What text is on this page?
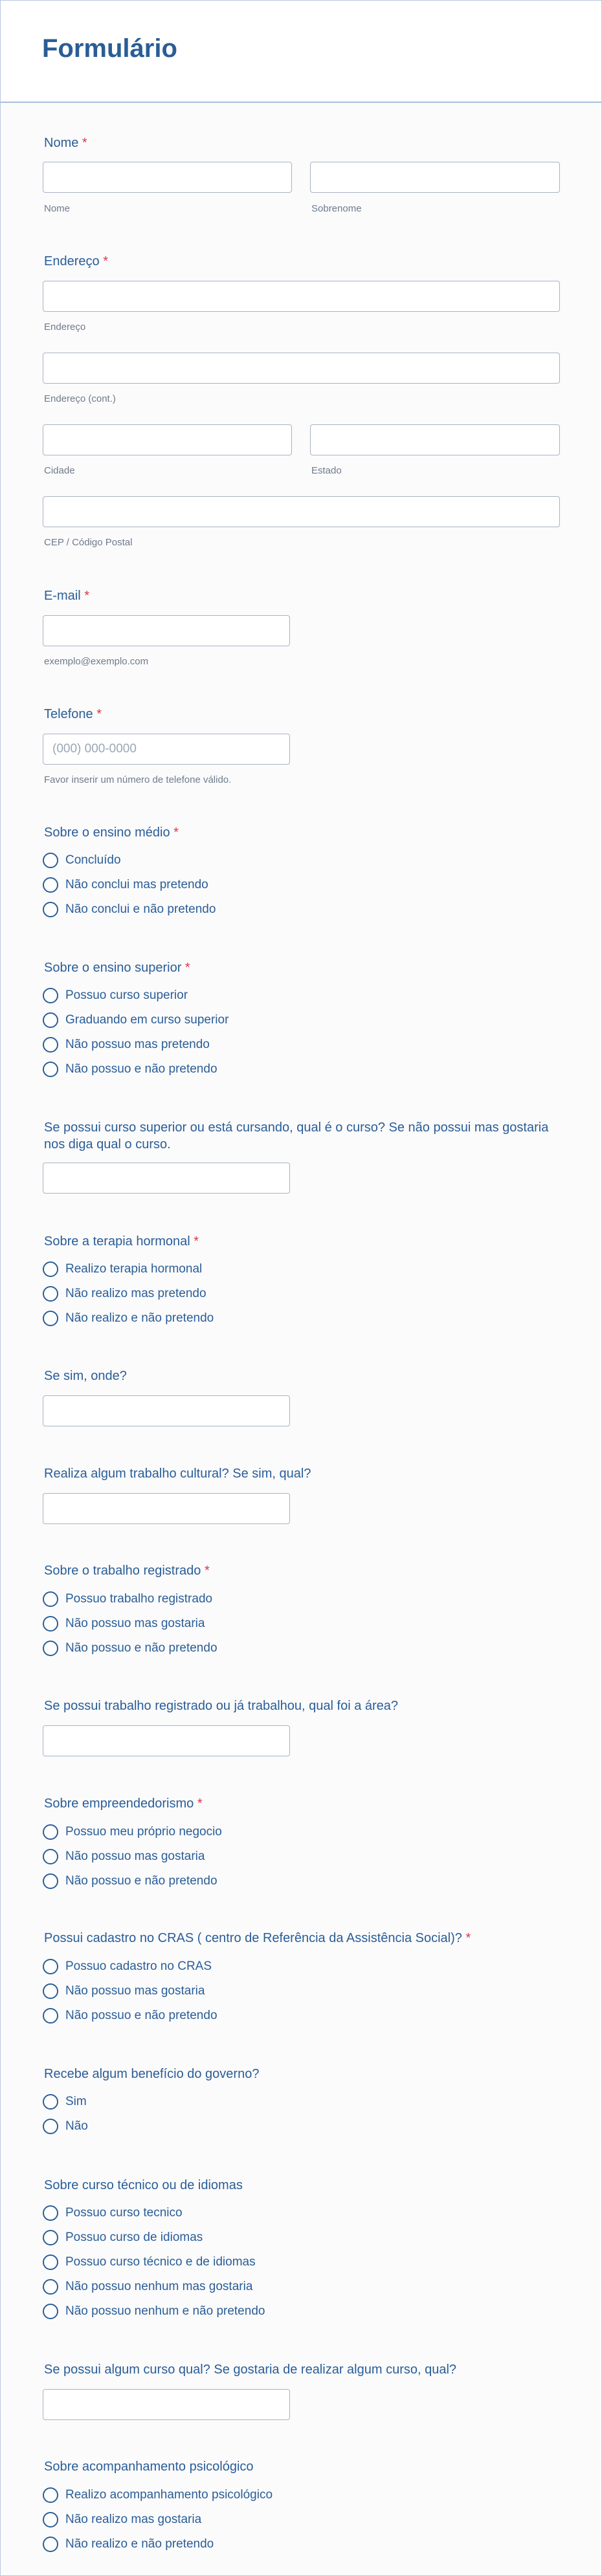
Formulário
Nome *
Nome	Sobrenome
Endereço *
Endereço
Endereço (cont.)
Cidade	Estado
CEP / Código Postal
E-mail *
exemplo@exemplo.com
Telefone *
(000) 000-0000
Favor inserir um número de telefone válido.
Sobre o ensino médio *
Concluído
Não conclui mas pretendo
Não conclui e não pretendo
Sobre o ensino superior *
Possuo curso superior
Graduando em curso superior
Não possuo mas pretendo
Não possuo e não pretendo
Se possui curso superior ou está cursando, qual é o curso? Se não possui mas gostaria nos diga qual o curso.
Sobre a terapia hormonal *
Realizo terapia hormonal
Não realizo mas pretendo
Não realizo e não pretendo
Se sim, onde?
Realiza algum trabalho cultural? Se sim, qual?
Sobre o trabalho registrado *
Possuo trabalho registrado
Não possuo mas gostaria
Não possuo e não pretendo
Se possui trabalho registrado ou já trabalhou, qual foi a área?
Sobre empreendedorismo *
Possuo meu próprio negocio
Não possuo mas gostaria
Não possuo e não pretendo
Possui cadastro no CRAS ( centro de Referência da Assistência Social)? *
Possuo cadastro no CRAS
Não possuo mas gostaria
Não possuo e não pretendo
Recebe algum benefício do governo?
Sim
Não
Sobre curso técnico ou de idiomas
Possuo curso tecnico
Possuo curso de idiomas
Possuo curso técnico e de idiomas
Não possuo nenhum mas gostaria
Não possuo nenhum e não pretendo
Se possui algum curso qual? Se gostaria de realizar algum curso, qual?
Sobre acompanhamento psicológico
Realizo acompanhamento psicológico
Não realizo mas gostaria
Não realizo e não pretendo
